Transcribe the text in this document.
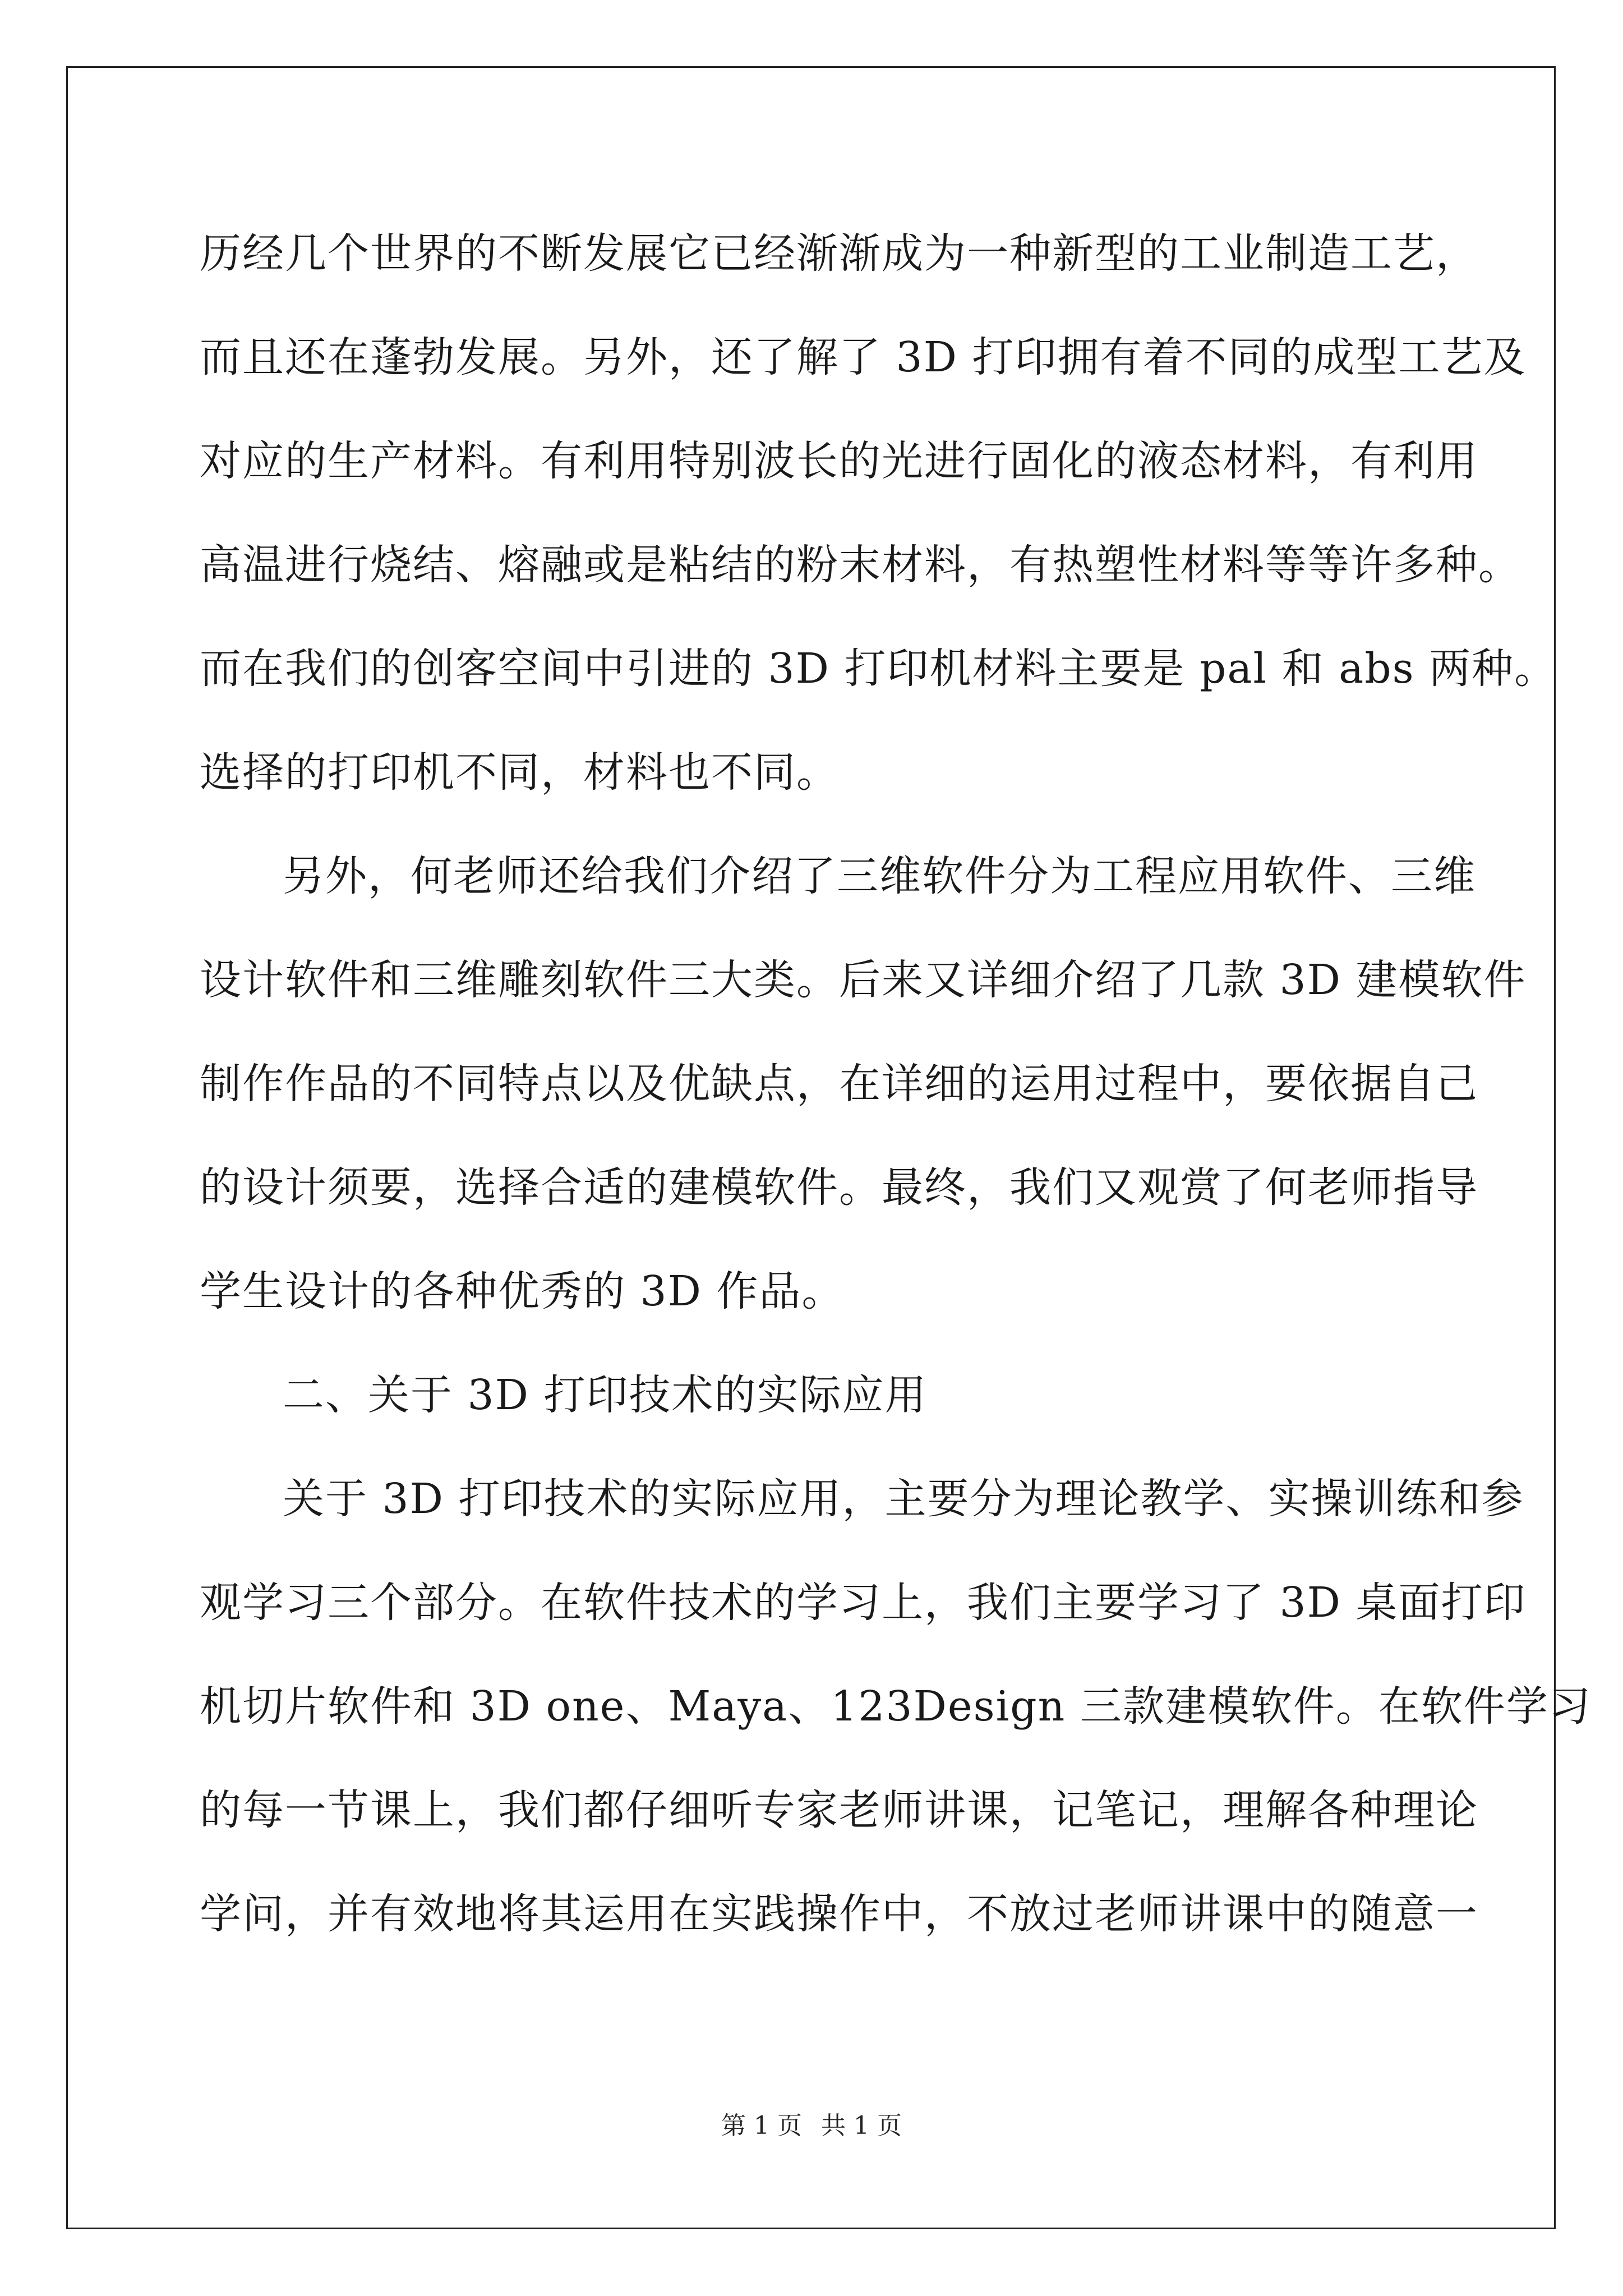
历经几个世界的不断发展它已经渐渐成为一种新型的工业制造工艺，
而且还在蓬勃发展。另外，还了解了 3D 打印拥有着不同的成型工艺及
对应的生产材料。有利用特别波长的光进行固化的液态材料，有利用
高温进行烧结、熔融或是粘结的粉末材料，有热塑性材料等等许多种。
而在我们的创客空间中引进的 3D 打印机材料主要是 pal 和 abs 两种。
选择的打印机不同，材料也不同。
另外，何老师还给我们介绍了三维软件分为工程应用软件、三维
设计软件和三维雕刻软件三大类。后来又详细介绍了几款 3D 建模软件
制作作品的不同特点以及优缺点，在详细的运用过程中，要依据自己
的设计须要，选择合适的建模软件。最终，我们又观赏了何老师指导
学生设计的各种优秀的 3D 作品。
二、关于 3D 打印技术的实际应用
关于 3D 打印技术的实际应用，主要分为理论教学、实操训练和参
观学习三个部分。在软件技术的学习上，我们主要学习了 3D 桌面打印
机切片软件和 3D one、Maya、123Design 三款建模软件。在软件学习
的每一节课上，我们都仔细听专家老师讲课，记笔记，理解各种理论
学问，并有效地将其运用在实践操作中，不放过老师讲课中的随意一
第 1 页 共 1 页
